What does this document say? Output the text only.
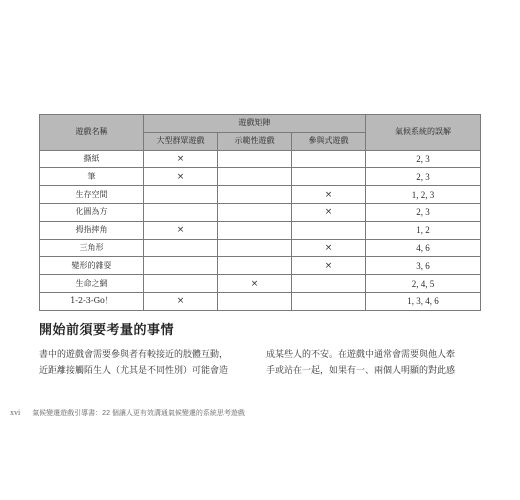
遊戲名稱	遊戲矩陣			氣候系統的誤解
	大型群眾遊戲	示範性遊戲	參與式遊戲	
撕紙	×			2, 3
筆	×			2, 3
生存空間			×	1, 2, 3
化圓為方			×	2, 3
拇指摔角	×			1, 2
三角形			×	4, 6
變形的雜耍			×	3, 6
生命之網		×		2, 4, 5
1-2-3-Go！	×			1, 3, 4, 6
開始前須要考量的事情
書中的遊戲會需要參與者有較接近的肢體互動，
近距離接觸陌生人（尤其是不同性別）可能會造
成某些人的不安。在遊戲中通常會需要與他人牽
手或站在一起，如果有一、兩個人明顯的對此感
xvi 氣候變遷遊戲引導書：22 個讓人更有效溝通氣候變遷的系統思考遊戲
